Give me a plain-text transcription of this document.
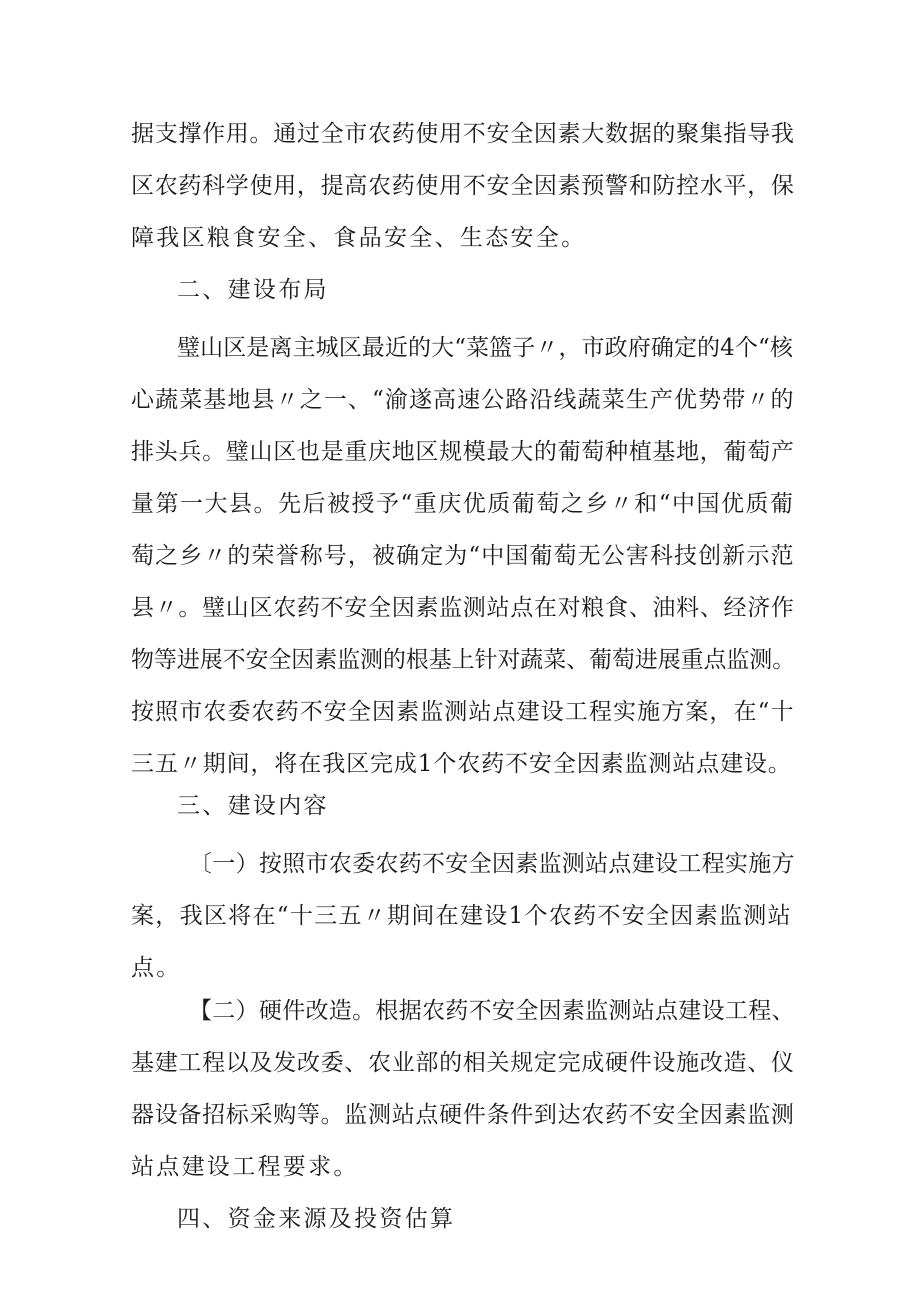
据支撑作用。通过全市农药使用不安全因素大数据的聚集指导我
区农药科学使用，提高农药使用不安全因素预警和防控水平，保
障我区粮食安全、食品安全、生态安全。
二、建设布局
璧山区是离主城区最近的大“菜篮子〃，市政府确定的4个“核
心蔬菜基地县〃之一、“渝遂高速公路沿线蔬菜生产优势带〃的
排头兵。璧山区也是重庆地区规模最大的葡萄种植基地，葡萄产
量第一大县。先后被授予“重庆优质葡萄之乡〃和“中国优质葡
萄之乡〃的荣誉称号，被确定为“中国葡萄无公害科技创新示范
县〃。璧山区农药不安全因素监测站点在对粮食、油料、经济作
物等进展不安全因素监测的根基上针对蔬菜、葡萄进展重点监测。
按照市农委农药不安全因素监测站点建设工程实施方案，在“十
三五〃期间，将在我区完成1个农药不安全因素监测站点建设。
三、建设内容
〔一）按照市农委农药不安全因素监测站点建设工程实施方
案，我区将在“十三五〃期间在建设1个农药不安全因素监测站
点。
【二）硬件改造。根据农药不安全因素监测站点建设工程、
基建工程以及发改委、农业部的相关规定完成硬件设施改造、仪
器设备招标采购等。监测站点硬件条件到达农药不安全因素监测
站点建设工程要求。
四、资金来源及投资估算
